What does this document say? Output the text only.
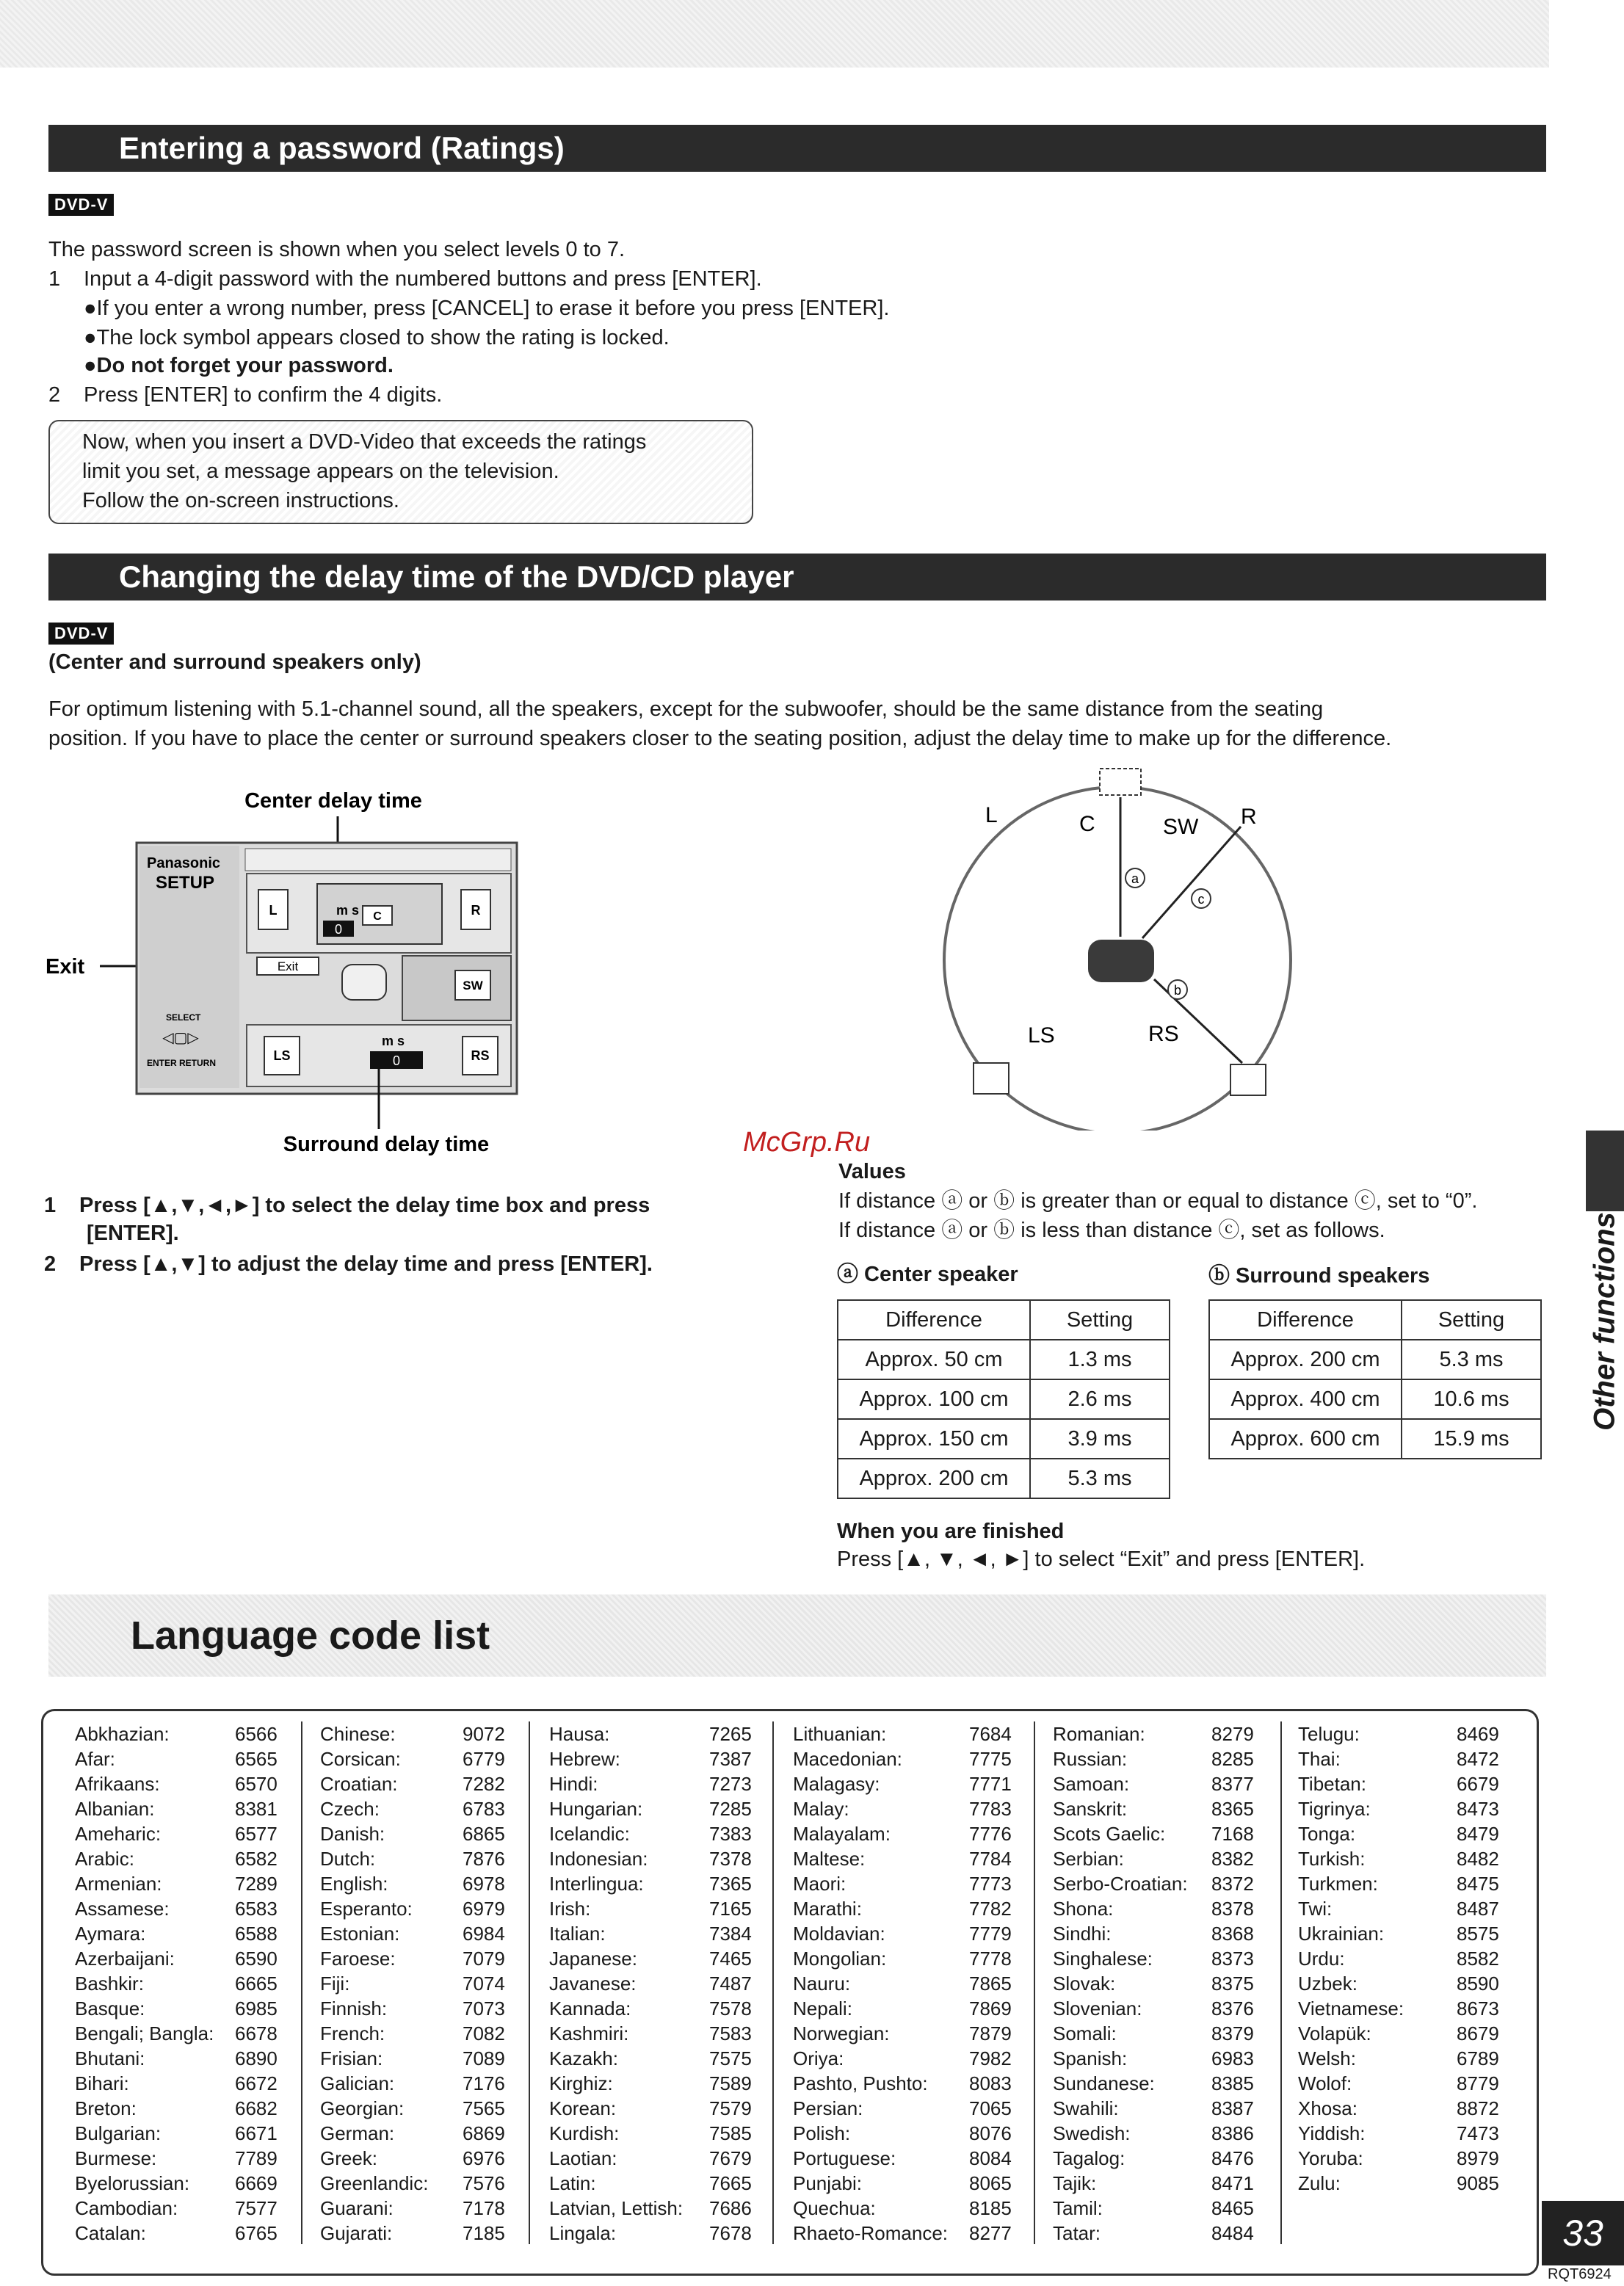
Entering a password (Ratings)
DVD-V
The password screen is shown when you select levels 0 to 7.
1 Input a 4-digit password with the numbered buttons and press [ENTER].
●If you enter a wrong number, press [CANCEL] to erase it before you press [ENTER].
●The lock symbol appears closed to show the rating is locked.
●Do not forget your password.
2 Press [ENTER] to confirm the 4 digits.
Now, when you insert a DVD-Video that exceeds the ratings
limit you set, a message appears on the television.
Follow the on-screen instructions.
Changing the delay time of the DVD/CD player
DVD-V
(Center and surround speakers only)
For optimum listening with 5.1-channel sound, all the speakers, except for the subwoofer, should be the same distance from the seating
position. If you have to place the center or surround speakers closer to the seating position, adjust the delay time to make up for the difference.
Center delay time
Exit
Panasonic
SETUP
L	m s
0
C	R
Exit
SW
LS
m s
0	RS
SELECT
◁▢▷
ENTER RETURN
Surround delay time
1 Press [▲,▼,◄,►] to select the delay time box and press
[ENTER].
2 Press [▲,▼] to adjust the delay time and press [ENTER].
L	C	SW R
LS	RS
a
c
b
McGrp.Ru
Values
If distance ⓐ or ⓑ is greater than or equal to distance ⓒ, set to “0”.
If distance ⓐ or ⓑ is less than distance ⓒ, set as follows.
ⓐ Center speaker	ⓑ Surround speakers
Difference	Setting
Approx. 50 cm	1.3 ms
Approx. 100 cm	2.6 ms
Approx. 150 cm	3.9 ms
Approx. 200 cm	5.3 ms
Difference	Setting
Approx. 200 cm	5.3 ms
Approx. 400 cm	10.6 ms
Approx. 600 cm	15.9 ms
When you are finished
Press [▲, ▼, ◄, ►] to select “Exit” and press [ENTER].
Language code list
Abkhazian:	6566
Afar:	6565
Afrikaans:	6570
Albanian:	8381
Ameharic:	6577
Arabic:	6582
Armenian:	7289
Assamese:	6583
Aymara:	6588
Azerbaijani:	6590
Bashkir:	6665
Basque:	6985
Bengali; Bangla: 6678
Bhutani:	6890
Bihari:	6672
Breton:	6682
Bulgarian:	6671
Burmese:	7789
Byelorussian: 6669
Cambodian:	7577
Catalan:	6765
Chinese:	9072
Corsican:	6779
Croatian:	7282
Czech:	6783
Danish:	6865
Dutch:	7876
English:	6978
Esperanto:	6979
Estonian:	6984
Faroese:	7079
Fiji:	7074
Finnish:	7073
French:	7082
Frisian:	7089
Galician:	7176
Georgian:	7565
German:	6869
Greek:	6976
Greenlandic: 7576
Guarani:	7178
Gujarati:	7185
Hausa:	7265
Hebrew:	7387
Hindi:	7273
Hungarian:	7285
Icelandic:	7383
Indonesian:	7378
Interlingua:	7365
Irish:	7165
Italian:	7384
Japanese:	7465
Javanese:	7487
Kannada:	7578
Kashmiri:	7583
Kazakh:	7575
Kirghiz:	7589
Korean:	7579
Kurdish:	7585
Laotian:	7679
Latin:	7665
Latvian, Lettish: 7686
Lingala:	7678
Lithuanian:	7684
Macedonian:	7775
Malagasy:	7771
Malay:	7783
Malayalam:	7776
Maltese:	7784
Maori:	7773
Marathi:	7782
Moldavian:	7779
Mongolian:	7778
Nauru:	7865
Nepali:	7869
Norwegian:	7879
Oriya:	7982
Pashto, Pushto: 8083
Persian:	7065
Polish:	8076
Portuguese:	8084
Punjabi:	8065
Quechua:	8185
Rhaeto-Romance: 8277
Romanian:	8279
Russian:	8285
Samoan:	8377
Sanskrit:	8365
Scots Gaelic: 7168
Serbian:	8382
Serbo-Croatian: 8372
Shona:	8378
Sindhi:	8368
Singhalese:	8373
Slovak:	8375
Slovenian:	8376
Somali:	8379
Spanish:	6983
Sundanese:	8385
Swahili:	8387
Swedish:	8386
Tagalog:	8476
Tajik:	8471
Tamil:	8465
Tatar:	8484
Telugu:	8469
Thai:	8472
Tibetan:	6679
Tigrinya:	8473
Tonga:	8479
Turkish:	8482
Turkmen:	8475
Twi:	8487
Ukrainian:	8575
Urdu:	8582
Uzbek:	8590
Vietnamese:	8673
Volapük:	8679
Welsh:	6789
Wolof:	8779
Xhosa:	8872
Yiddish:	7473
Yoruba:	8979
Zulu:	9085
Other functions
33
RQT6924
